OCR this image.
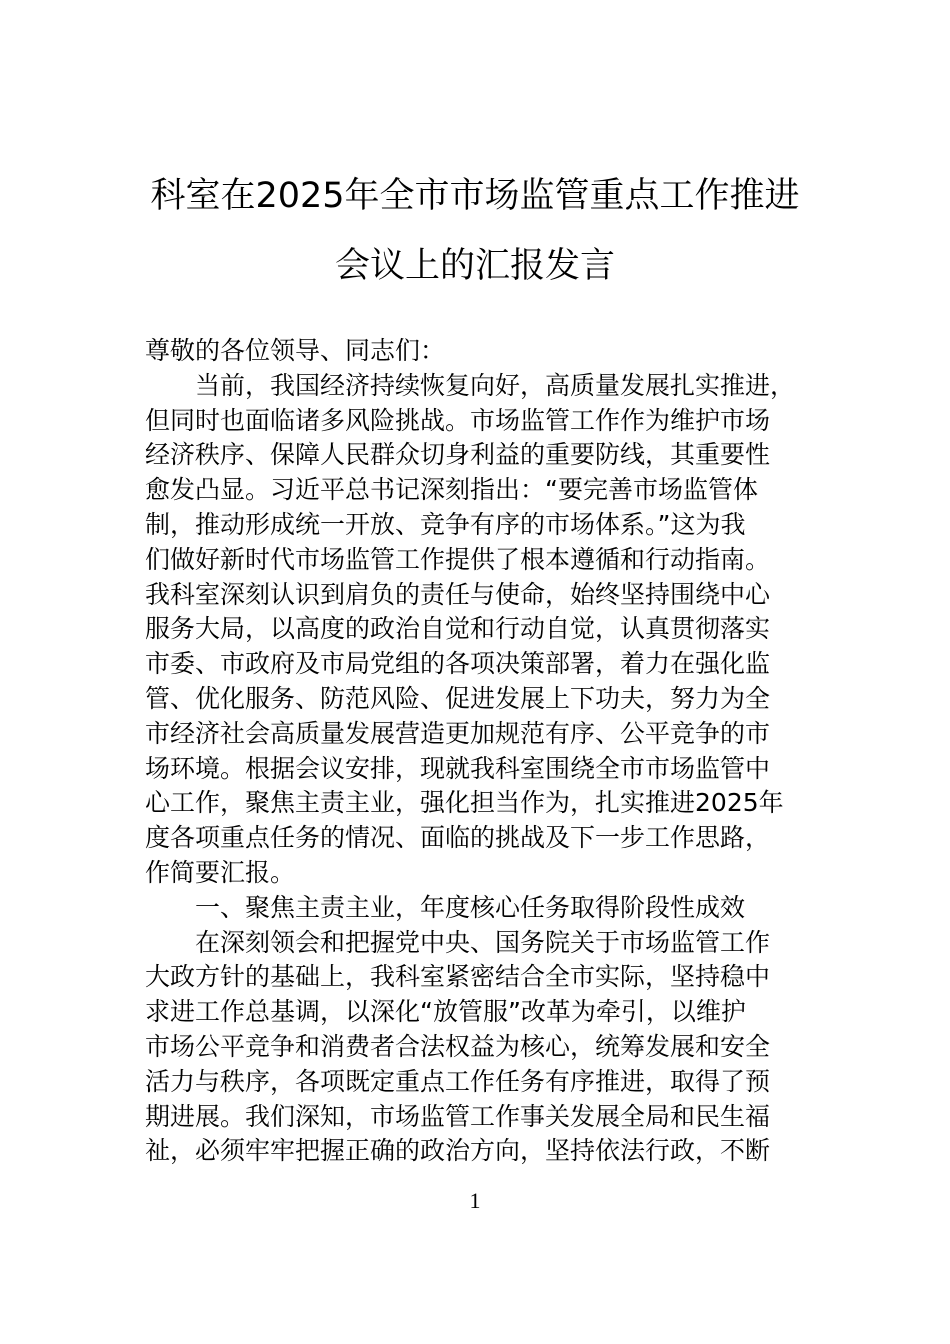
科室在2025年全市市场监管重点工作推进
会议上的汇报发言
尊敬的各位领导、同志们：
当前，我国经济持续恢复向好，高质量发展扎实推进，
但同时也面临诸多风险挑战。市场监管工作作为维护市场
经济秩序、保障人民群众切身利益的重要防线，其重要性
愈发凸显。习近平总书记深刻指出：“要完善市场监管体
制，推动形成统一开放、竞争有序的市场体系。”这为我
们做好新时代市场监管工作提供了根本遵循和行动指南。
我科室深刻认识到肩负的责任与使命，始终坚持围绕中心
服务大局，以高度的政治自觉和行动自觉，认真贯彻落实
市委、市政府及市局党组的各项决策部署，着力在强化监
管、优化服务、防范风险、促进发展上下功夫，努力为全
市经济社会高质量发展营造更加规范有序、公平竞争的市
场环境。根据会议安排，现就我科室围绕全市市场监管中
心工作，聚焦主责主业，强化担当作为，扎实推进2025年
度各项重点任务的情况、面临的挑战及下一步工作思路，
作简要汇报。
一、聚焦主责主业，年度核心任务取得阶段性成效
在深刻领会和把握党中央、国务院关于市场监管工作
大政方针的基础上，我科室紧密结合全市实际，坚持稳中
求进工作总基调，以深化“放管服”改革为牵引，以维护
市场公平竞争和消费者合法权益为核心，统筹发展和安全
活力与秩序，各项既定重点工作任务有序推进，取得了预
期进展。我们深知，市场监管工作事关发展全局和民生福
祉，必须牢牢把握正确的政治方向，坚持依法行政，不断
1
